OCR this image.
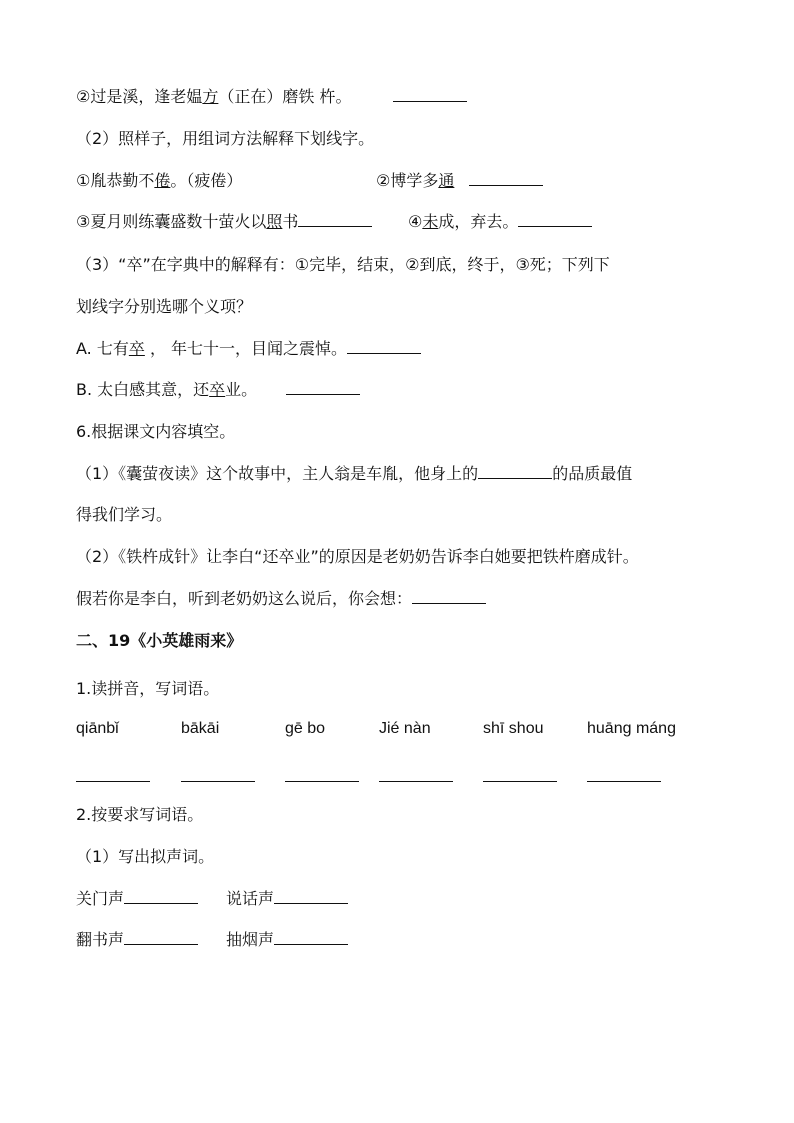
②过是溪，逢老媪方（正在）磨铁 杵。
（2）照样子，用组词方法解释下划线字。
①胤恭勤不倦。（疲倦）	②博学多通
③夏月则练囊盛数十萤火以照书	④未成，弃去。
（3）“卒”在字典中的解释有：①完毕，结束，②到底，终于，③死；下列下
划线字分别选哪个义项？
A. 七有卒 ， 年七十一，目闻之震悼。
B. 太白感其意，还卒业。
6.根据课文内容填空。
（1）《囊萤夜读》这个故事中，主人翁是车胤，他身上的	的品质最值
得我们学习。
（2）《铁杵成针》让李白“还卒业”的原因是老奶奶告诉李白她要把铁杵磨成针。
假若你是李白，听到老奶奶这么说后，你会想：
二、19《小英雄雨来》
1.读拼音，写词语。
qiānbǐ	bākāi	gē bo	Jié nàn	shī shou	huāng máng
2.按要求写词语。
（1）写出拟声词。
关门声	说话声
翻书声	抽烟声
